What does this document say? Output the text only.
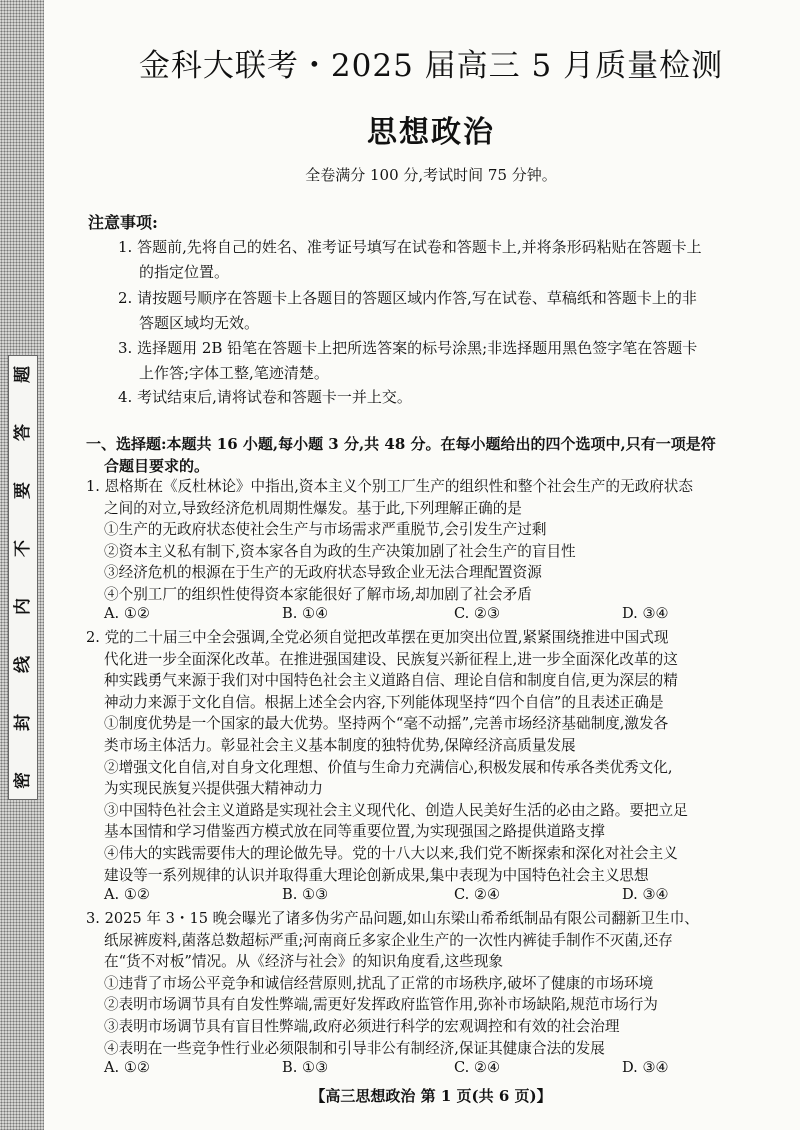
题
答
要
不
内
线
封
密
金科大联考・2025 届高三 5 月质量检测
思想政治
全卷满分 100 分,考试时间 75 分钟。
注意事项:
1. 答题前,先将自己的姓名、准考证号填写在试卷和答题卡上,并将条形码粘贴在答题卡上
的指定位置。
2. 请按题号顺序在答题卡上各题目的答题区域内作答,写在试卷、草稿纸和答题卡上的非
答题区域均无效。
3. 选择题用 2B 铅笔在答题卡上把所选答案的标号涂黑;非选择题用黑色签字笔在答题卡
上作答;字体工整,笔迹清楚。
4. 考试结束后,请将试卷和答题卡一并上交。
一、选择题:本题共 16 小题,每小题 3 分,共 48 分。在每小题给出的四个选项中,只有一项是符
合题目要求的。
1. 恩格斯在《反杜林论》中指出,资本主义个别工厂生产的组织性和整个社会生产的无政府状态
之间的对立,导致经济危机周期性爆发。基于此,下列理解正确的是
①生产的无政府状态使社会生产与市场需求严重脱节,会引发生产过剩
②资本主义私有制下,资本家各自为政的生产决策加剧了社会生产的盲目性
③经济危机的根源在于生产的无政府状态导致企业无法合理配置资源
④个别工厂的组织性使得资本家能很好了解市场,却加剧了社会矛盾
A. ①②	B. ①④	C. ②③	D. ③④
2. 党的二十届三中全会强调,全党必须自觉把改革摆在更加突出位置,紧紧围绕推进中国式现
代化进一步全面深化改革。在推进强国建设、民族复兴新征程上,进一步全面深化改革的这
种实践勇气来源于我们对中国特色社会主义道路自信、理论自信和制度自信,更为深层的精
神动力来源于文化自信。根据上述全会内容,下列能体现坚持“四个自信”的且表述正确是
①制度优势是一个国家的最大优势。坚持两个“毫不动摇”,完善市场经济基础制度,激发各
类市场主体活力。彰显社会主义基本制度的独特优势,保障经济高质量发展
②增强文化自信,对自身文化理想、价值与生命力充满信心,积极发展和传承各类优秀文化,
为实现民族复兴提供强大精神动力
③中国特色社会主义道路是实现社会主义现代化、创造人民美好生活的必由之路。要把立足
基本国情和学习借鉴西方模式放在同等重要位置,为实现强国之路提供道路支撑
④伟大的实践需要伟大的理论做先导。党的十八大以来,我们党不断探索和深化对社会主义
建设等一系列规律的认识并取得重大理论创新成果,集中表现为中国特色社会主义思想
A. ①②	B. ①③	C. ②④	D. ③④
3. 2025 年 3・15 晚会曝光了诸多伪劣产品问题,如山东梁山希希纸制品有限公司翻新卫生巾、
纸尿裤废料,菌落总数超标严重;河南商丘多家企业生产的一次性内裤徒手制作不灭菌,还存
在“货不对板”情况。从《经济与社会》的知识角度看,这些现象
①违背了市场公平竞争和诚信经营原则,扰乱了正常的市场秩序,破坏了健康的市场环境
②表明市场调节具有自发性弊端,需更好发挥政府监管作用,弥补市场缺陷,规范市场行为
③表明市场调节具有盲目性弊端,政府必须进行科学的宏观调控和有效的社会治理
④表明在一些竞争性行业必须限制和引导非公有制经济,保证其健康合法的发展
A. ①②	B. ①③	C. ②④	D. ③④
【高三思想政治 第 1 页(共 6 页)】
